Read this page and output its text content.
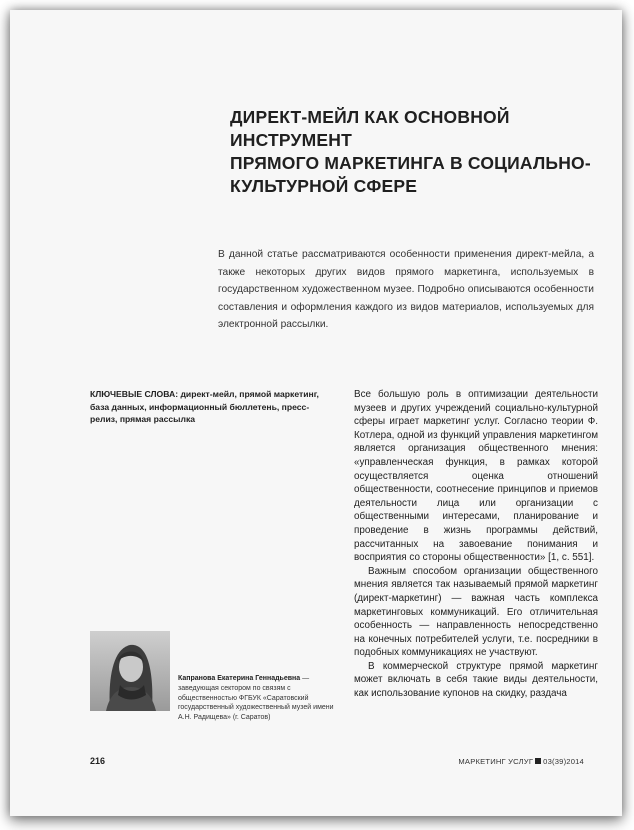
ДИРЕКТ-МЕЙЛ КАК ОСНОВНОЙ ИНСТРУМЕНТ
ПРЯМОГО МАРКЕТИНГА В СОЦИАЛЬНО-
КУЛЬТУРНОЙ СФЕРЕ

В данной статье рассматриваются особенности применения директ-мейла, а также некоторых других видов прямого маркетинга, используемых в государственном художественном музее. Подробно описываются особенности составления и оформления каждого из видов материалов, используемых для электронной рассылки.

КЛЮЧЕВЫЕ СЛОВА: директ-мейл, прямой маркетинг, база данных, информационный бюллетень, пресс-релиз, прямая рассылка

Все большую роль в оптимизации деятельности музеев и других учреждений социально-культурной сферы играет маркетинг услуг. Согласно теории Ф. Котлера, одной из функций управления маркетингом является организация общественного мнения: «управленческая функция, в рамках которой осуществляется оценка отношений общественности, соотнесение принципов и приемов деятельности лица или организации с общественными интересами, планирование и проведение в жизнь программы действий, рассчитанных на завоевание понимания и восприятия со стороны общественности» [1, с. 551].

Важным способом организации общественного мнения является так называемый прямой маркетинг (директ-маркетинг) — важная часть комплекса маркетинговых коммуникаций. Его отличительная особенность — направленность непосредственно на конечных потребителей услуги, т.е. посредники в подобных коммуникациях не участвуют.

В коммерческой структуре прямой маркетинг может включать в себя такие виды деятельности, как использование купонов на скидку, раздача

Капранова Екатерина Геннадьевна — заведующая сектором по связям с общественностью ФГБУК «Саратовский государственный художественный музей имени А.Н. Радищева» (г. Саратов)

216	МАРКЕТИНГ УСЛУГ 03(39)2014
